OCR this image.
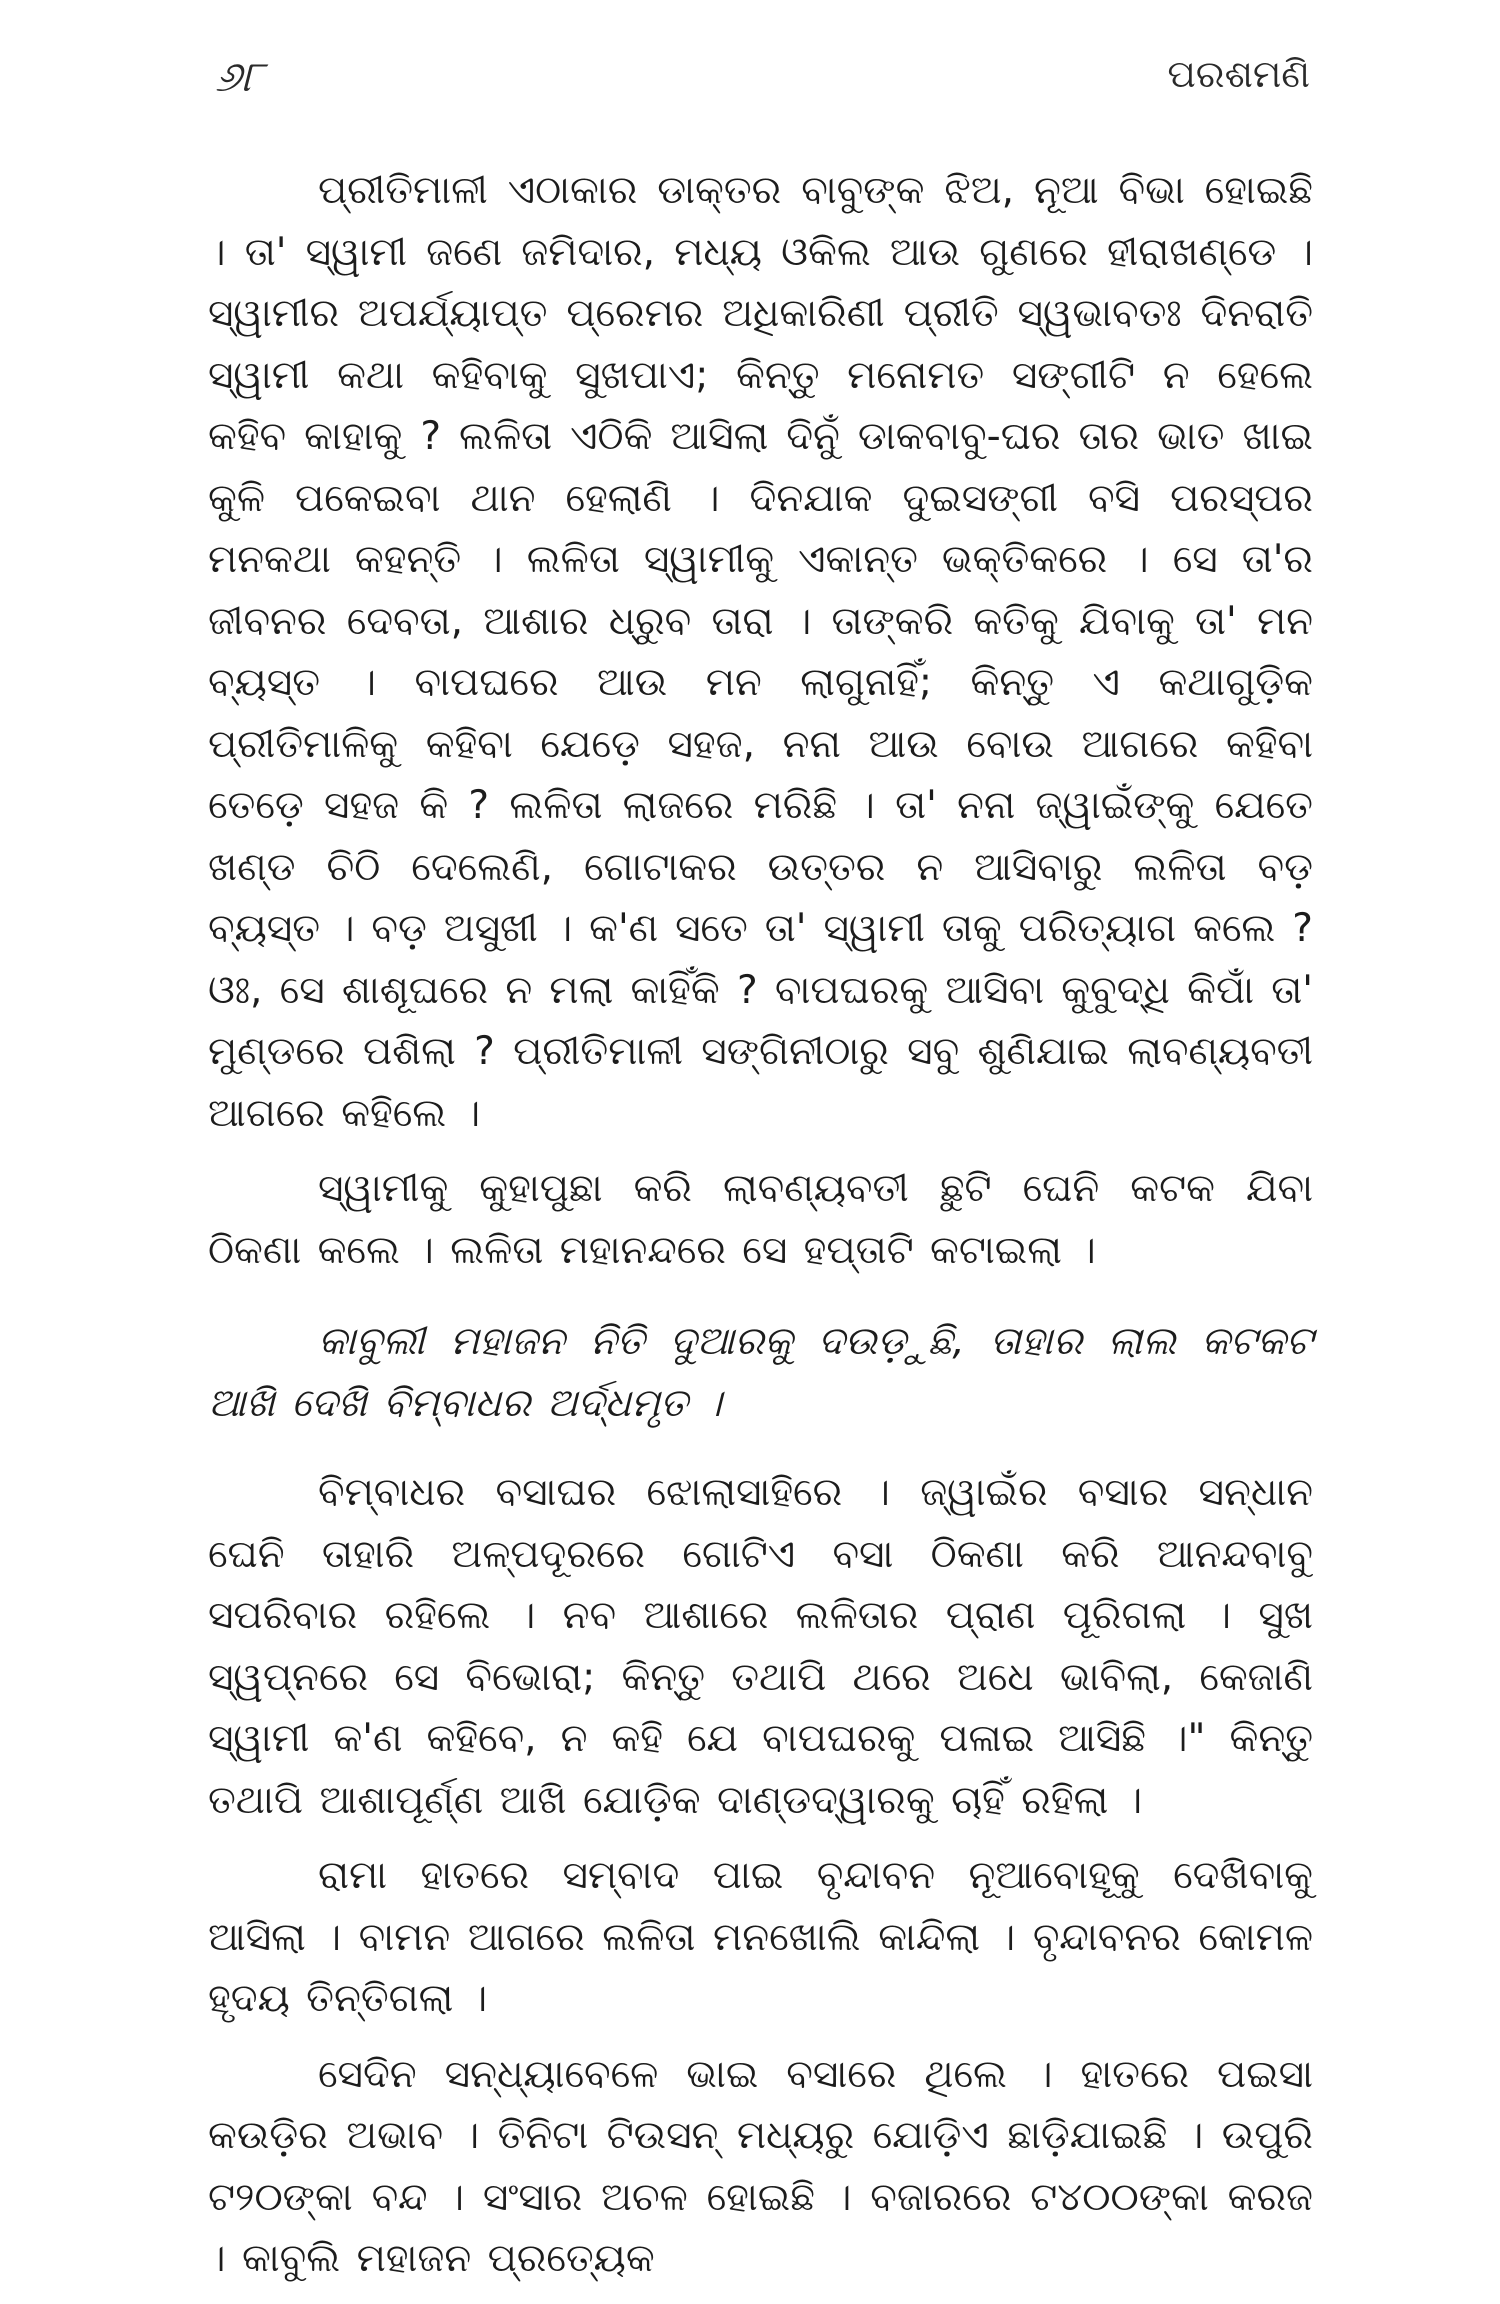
୬୮	ପରଶମଣି

ପ୍ରୀତିମାଳୀ ଏଠାକାର ଡାକ୍ତର ବାବୁଙ୍କ ଝିଅ, ନୂଆ ବିଭା ହୋଇଛି । ତା' ସ୍ୱାମୀ ଜଣେ ଜମିଦାର, ମଧ୍ୟ ଓକିଲ ଆଉ ଗୁଣରେ ହୀରାଖଣ୍ଡେ । ସ୍ୱାମୀର ଅପର୍ଯ୍ୟାପ୍ତ ପ୍ରେମର ଅଧିକାରିଣୀ ପ୍ରୀତି ସ୍ୱଭାବତଃ ଦିନରାତି ସ୍ୱାମୀ କଥା କହିବାକୁ ସୁଖପାଏ; କିନ୍ତୁ ମନୋମତ ସଙ୍ଗୀଟି ନ ହେଲେ କହିବ କାହାକୁ ? ଲଳିତା ଏଠିକି ଆସିଲା ଦିନୁଁ ଡାକବାବୁ-ଘର ତାର ଭାତ ଖାଇ କୁଳି ପକେଇବା ଥାନ ହେଲାଣି । ଦିନଯାକ ଦୁଇସଙ୍ଗୀ ବସି ପରସ୍ପର ମନକଥା କହନ୍ତି । ଲଳିତା ସ୍ୱାମୀକୁ ଏକାନ୍ତ ଭକ୍ତିକରେ । ସେ ତା'ର ଜୀବନର ଦେବତା, ଆଶାର ଧ୍ରୁବ ତାରା । ତାଙ୍କରି କତିକୁ ଯିବାକୁ ତା' ମନ ବ୍ୟସ୍ତ । ବାପଘରେ ଆଉ ମନ ଲାଗୁନାହିଁ; କିନ୍ତୁ ଏ କଥାଗୁଡ଼ିକ ପ୍ରୀତିମାଳିକୁ କହିବା ଯେଡ଼େ ସହଜ, ନନା ଆଉ ବୋଉ ଆଗରେ କହିବା ତେଡ଼େ ସହଜ କି ? ଲଳିତା ଲାଜରେ ମରିଛି । ତା' ନନା ଜ୍ୱାଇଁଙ୍କୁ ଯେତେ ଖଣ୍ଡ ଚିଠି ଦେଲେଣି, ଗୋଟାକର ଉତ୍ତର ନ ଆସିବାରୁ ଲଳିତା ବଡ଼ ବ୍ୟସ୍ତ । ବଡ଼ ଅସୁଖୀ । କ'ଣ ସତେ ତା' ସ୍ୱାମୀ ତାକୁ ପରିତ୍ୟାଗ କଲେ ? ଓଃ, ସେ ଶାଶୂଘରେ ନ ମଲା କାହିଁକି ? ବାପଘରକୁ ଆସିବା କୁବୁଦ୍ଧି କିପାଁ ତା' ମୁଣ୍ଡରେ ପଶିଲା ? ପ୍ରୀତିମାଳୀ ସଙ୍ଗିନୀଠାରୁ ସବୁ ଶୁଣିଯାଇ ଲାବଣ୍ୟବତୀ ଆଗରେ କହିଲେ ।

ସ୍ୱାମୀକୁ କୁହାପୁଛା କରି ଲାବଣ୍ୟବତୀ ଛୁଟି ଘେନି କଟକ ଯିବା ଠିକଣା କଲେ । ଲଳିତା ମହାନନ୍ଦରେ ସେ ହପ୍ତାଟି କଟାଇଲା ।

କାବୁଲୀ ମହାଜନ ନିତି ଦୁଆରକୁ ଦଉଡ଼ୁଛି, ତାହାର ଲାଲ କଟକଟ ଆଖି ଦେଖି ବିମ୍ବାଧର ଅର୍ଦ୍ଧମୃତ ।

ବିମ୍ବାଧର ବସାଘର ଝୋଲାସାହିରେ । ଜ୍ୱାଇଁର ବସାର ସନ୍ଧାନ ଘେନି ତାହାରି ଅଳ୍ପଦୂରରେ ଗୋଟିଏ ବସା ଠିକଣା କରି ଆନନ୍ଦବାବୁ ସପରିବାର ରହିଲେ । ନବ ଆଶାରେ ଲଳିତାର ପ୍ରାଣ ପୂରିଗଲା । ସୁଖ ସ୍ୱପ୍ନରେ ସେ ବିଭୋରା; କିନ୍ତୁ ତଥାପି ଥରେ ଅଧେ ଭାବିଲା, କେଜାଣି ସ୍ୱାମୀ କ'ଣ କହିବେ, ନ କହି ଯେ ବାପଘରକୁ ପଳାଇ ଆସିଛି ।" କିନ୍ତୁ ତଥାପି ଆଶାପୂର୍ଣ୍ଣ ଆଖି ଯୋଡ଼ିକ ଦାଣ୍ଡଦ୍ୱାରକୁ ଚାହିଁ ରହିଲା ।

ରାମା ହାତରେ ସମ୍ବାଦ ପାଇ ବୃନ୍ଦାବନ ନୂଆବୋହୂକୁ ଦେଖିବାକୁ ଆସିଲା । ବାମନ ଆଗରେ ଲଳିତା ମନଖୋଲି କାନ୍ଦିଲା । ବୃନ୍ଦାବନର କୋମଳ ହୃଦୟ ତିନ୍ତିଗଲା ।

ସେଦିନ ସନ୍ଧ୍ୟାବେଳେ ଭାଇ ବସାରେ ଥିଲେ । ହାତରେ ପଇସା କଉଡ଼ିର ଅଭାବ । ତିନିଟା ଟିଉସନ୍ ମଧ୍ୟରୁ ଯୋଡ଼ିଏ ଛାଡ଼ିଯାଇଛି । ଉପୁରି ଟ୨୦ଙ୍କା ବନ୍ଦ । ସଂସାର ଅଚଳ ହୋଇଛି । ବଜାରରେ ଟ୪୦୦ଙ୍କା କରଜ । କାବୁଲି ମହାଜନ ପ୍ରତ୍ୟେକ
